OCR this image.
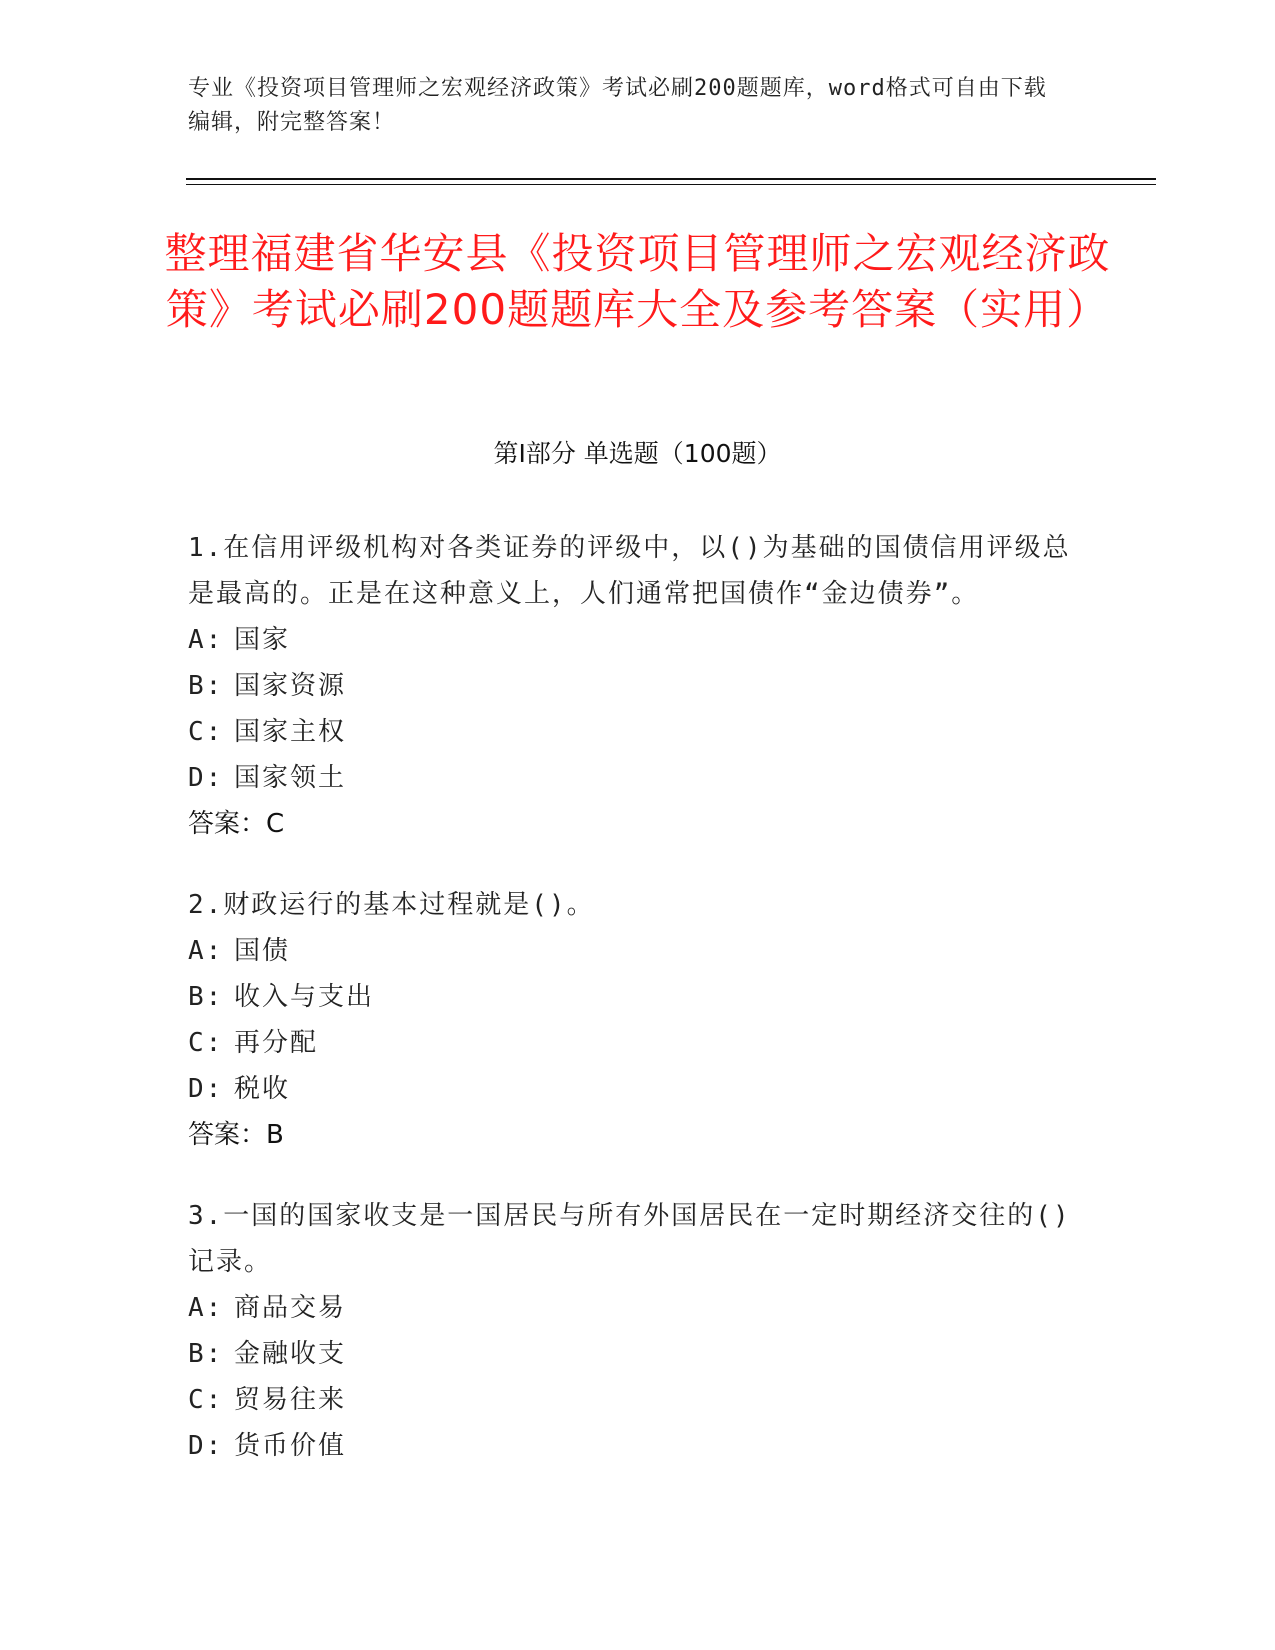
专业《投资项目管理师之宏观经济政策》考试必刷200题题库，word格式可自由下载编辑，附完整答案！
整理福建省华安县《投资项目管理师之宏观经济政策》考试必刷200题题库大全及参考答案（实用）
第I部分 单选题（100题）
1.在信用评级机构对各类证券的评级中，以()为基础的国债信用评级总是最高的。正是在这种意义上，人们通常把国债作“金边债券”。
A: 国家
B: 国家资源
C: 国家主权
D: 国家领土
答案：C
2.财政运行的基本过程就是()。
A: 国债
B: 收入与支出
C: 再分配
D: 税收
答案：B
3.一国的国家收支是一国居民与所有外国居民在一定时期经济交往的()记录。
A: 商品交易
B: 金融收支
C: 贸易往来
D: 货币价值
